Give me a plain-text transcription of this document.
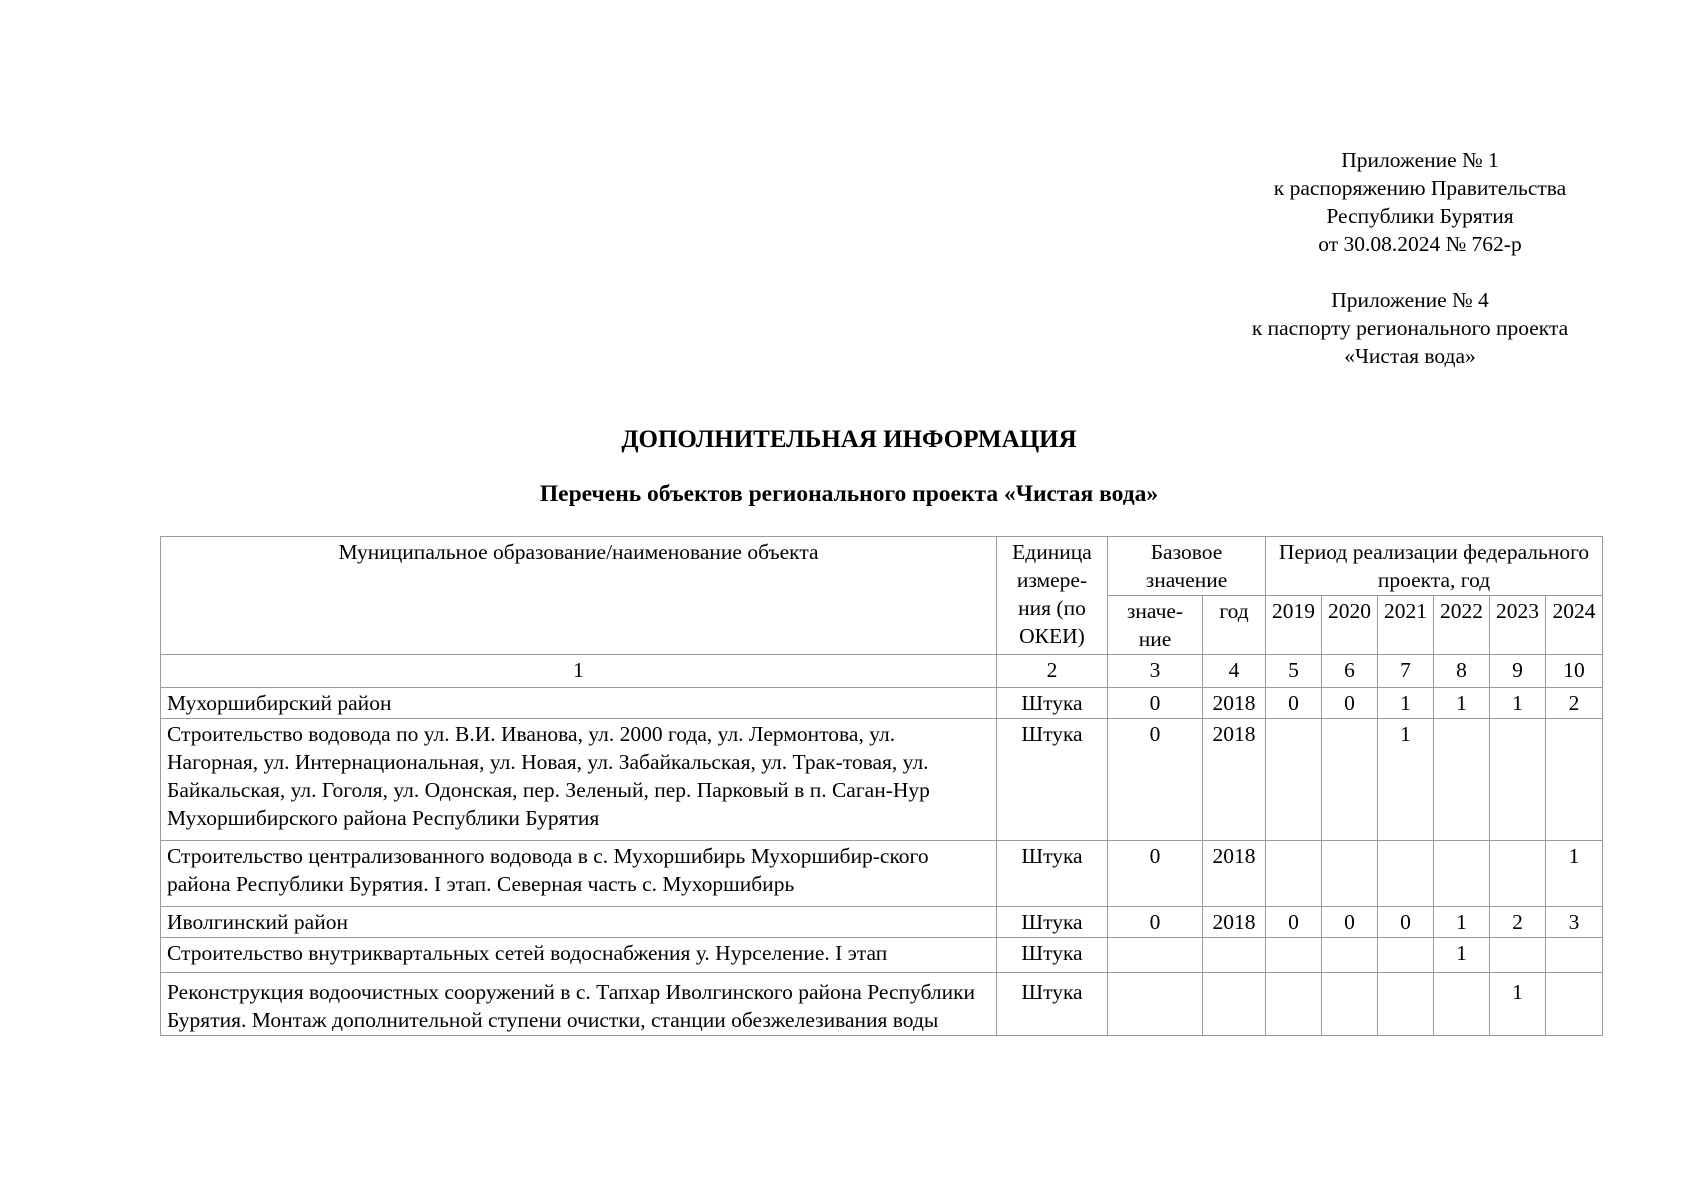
Приложение № 1
к распоряжению Правительства
Республики Бурятия
от 30.08.2024 № 762-р
Приложение № 4
к паспорту регионального проекта
«Чистая вода»
ДОПОЛНИТЕЛЬНАЯ ИНФОРМАЦИЯ
Перечень объектов регионального проекта «Чистая вода»
Муниципальное образование/наименование объекта	Единица измере-ния (по ОКЕИ)	Базовое значение		Период реализации федерального проекта, год					
		значе-ние	год	2019	2020	2021	2022	2023	2024
1	2	3	4	5	6	7	8	9	10
Мухоршибирский район	Штука	0	2018	0	0	1	1	1	2
Строительство водовода по ул. В.И. Иванова, ул. 2000 года, ул. Лермонтова, ул. Нагорная, ул. Интернациональная, ул. Новая, ул. Забайкальская, ул. Трак-товая, ул. Байкальская, ул. Гоголя, ул. Одонская, пер. Зеленый, пер. Парковый в п. Саган-Нур Мухоршибирского района Республики Бурятия	Штука	0	2018			1			
Строительство централизованного водовода в с. Мухоршибирь Мухоршибир-ского района Республики Бурятия. I этап. Северная часть с. Мухоршибирь	Штука	0	2018						1
Иволгинский район	Штука	0	2018	0	0	0	1	2	3
Строительство внутриквартальных сетей водоснабжения у. Нурселение. I этап	Штука						1		
Реконструкция водоочистных сооружений в с. Тапхар Иволгинского района Республики Бурятия. Монтаж дополнительной ступени очистки, станции обезжелезивания воды	Штука							1	
